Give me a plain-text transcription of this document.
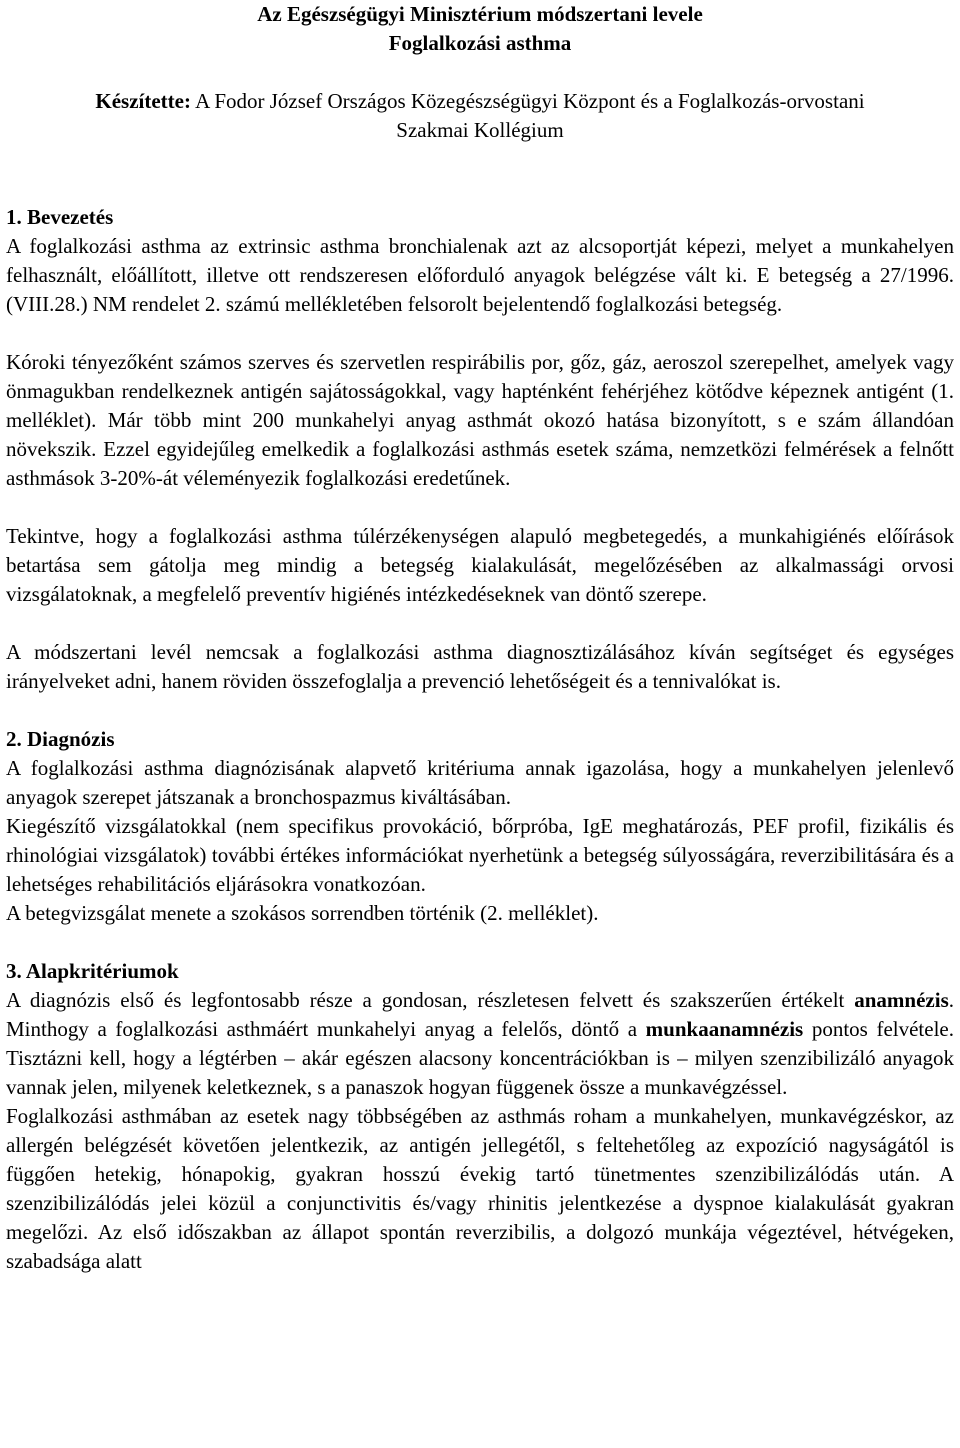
Az Egészségügyi Minisztérium módszertani levele
Foglalkozási asthma

Készítette: A Fodor József Országos Közegészségügyi Központ és a Foglalkozás-orvostani Szakmai Kollégium

1. Bevezetés

A foglalkozási asthma az extrinsic asthma bronchialenak azt az alcsoportját képezi, melyet a munkahelyen felhasznált, előállított, illetve ott rendszeresen előforduló anyagok belégzése vált ki. E betegség a 27/1996. (VIII.28.) NM rendelet 2. számú mellékletében felsorolt bejelentendő foglalkozási betegség.

Kóroki tényezőként számos szerves és szervetlen respirábilis por, gőz, gáz, aeroszol szerepelhet, amelyek vagy önmagukban rendelkeznek antigén sajátosságokkal, vagy hapténként fehérjéhez kötődve képeznek antigént (1. melléklet). Már több mint 200 munkahelyi anyag asthmát okozó hatása bizonyított, s e szám állandóan növekszik. Ezzel egyidejűleg emelkedik a foglalkozási asthmás esetek száma, nemzetközi felmérések a felnőtt asthmások 3-20%-át véleményezik foglalkozási eredetűnek.

Tekintve, hogy a foglalkozási asthma túlérzékenységen alapuló megbetegedés, a munkahigiénés előírások betartása sem gátolja meg mindig a betegség kialakulását, megelőzésében az alkalmassági orvosi vizsgálatoknak, a megfelelő preventív higiénés intézkedéseknek van döntő szerepe.

A módszertani levél nemcsak a foglalkozási asthma diagnosztizálásához kíván segítséget és egységes irányelveket adni, hanem röviden összefoglalja a prevenció lehetőségeit és a tennivalókat is.

2. Diagnózis

A foglalkozási asthma diagnózisának alapvető kritériuma annak igazolása, hogy a munkahelyen jelenlevő anyagok szerepet játszanak a bronchospazmus kiváltásában.

Kiegészítő vizsgálatokkal (nem specifikus provokáció, bőrpróba, IgE meghatározás, PEF profil, fizikális és rhinológiai vizsgálatok) további értékes információkat nyerhetünk a betegség súlyosságára, reverzibilitására és a lehetséges rehabilitációs eljárásokra vonatkozóan.

A betegvizsgálat menete a szokásos sorrendben történik (2. melléklet).

3. Alapkritériumok

A diagnózis első és legfontosabb része a gondosan, részletesen felvett és szakszerűen értékelt anamnézis. Minthogy a foglalkozási asthmáért munkahelyi anyag a felelős, döntő a munkaanamnézis pontos felvétele. Tisztázni kell, hogy a légtérben – akár egészen alacsony koncentrációkban is – milyen szenzibilizáló anyagok vannak jelen, milyenek keletkeznek, s a panaszok hogyan függenek össze a munkavégzéssel.

Foglalkozási asthmában az esetek nagy többségében az asthmás roham a munkahelyen, munkavégzéskor, az allergén belégzését követően jelentkezik, az antigén jellegétől, s feltehetőleg az expozíció nagyságától is függően hetekig, hónapokig, gyakran hosszú évekig tartó tünetmentes szenzibilizálódás után. A szenzibilizálódás jelei közül a conjunctivitis és/vagy rhinitis jelentkezése a dyspnoe kialakulását gyakran megelőzi. Az első időszakban az állapot spontán reverzibilis, a dolgozó munkája végeztével, hétvégeken, szabadsága alatt
